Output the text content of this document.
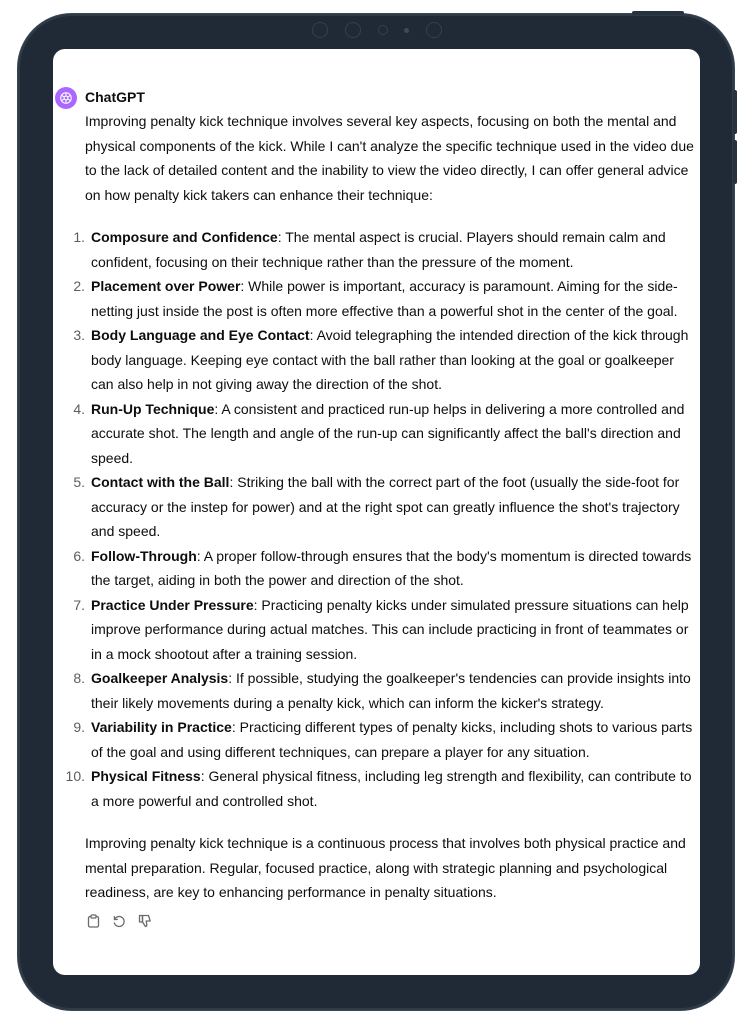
ChatGPT

Improving penalty kick technique involves several key aspects, focusing on both the mental and physical components of the kick. While I can't analyze the specific technique used in the video due to the lack of detailed content and the inability to view the video directly, I can offer general advice on how penalty kick takers can enhance their technique:

1. Composure and Confidence: The mental aspect is crucial. Players should remain calm and confident, focusing on their technique rather than the pressure of the moment.
2. Placement over Power: While power is important, accuracy is paramount. Aiming for the side-netting just inside the post is often more effective than a powerful shot in the center of the goal.
3. Body Language and Eye Contact: Avoid telegraphing the intended direction of the kick through body language. Keeping eye contact with the ball rather than looking at the goal or goalkeeper can also help in not giving away the direction of the shot.
4. Run-Up Technique: A consistent and practiced run-up helps in delivering a more controlled and accurate shot. The length and angle of the run-up can significantly affect the ball's direction and speed.
5. Contact with the Ball: Striking the ball with the correct part of the foot (usually the side-foot for accuracy or the instep for power) and at the right spot can greatly influence the shot's trajectory and speed.
6. Follow-Through: A proper follow-through ensures that the body's momentum is directed towards the target, aiding in both the power and direction of the shot.
7. Practice Under Pressure: Practicing penalty kicks under simulated pressure situations can help improve performance during actual matches. This can include practicing in front of teammates or in a mock shootout after a training session.
8. Goalkeeper Analysis: If possible, studying the goalkeeper's tendencies can provide insights into their likely movements during a penalty kick, which can inform the kicker's strategy.
9. Variability in Practice: Practicing different types of penalty kicks, including shots to various parts of the goal and using different techniques, can prepare a player for any situation.
10. Physical Fitness: General physical fitness, including leg strength and flexibility, can contribute to a more powerful and controlled shot.

Improving penalty kick technique is a continuous process that involves both physical practice and mental preparation. Regular, focused practice, along with strategic planning and psychological readiness, are key to enhancing performance in penalty situations.
